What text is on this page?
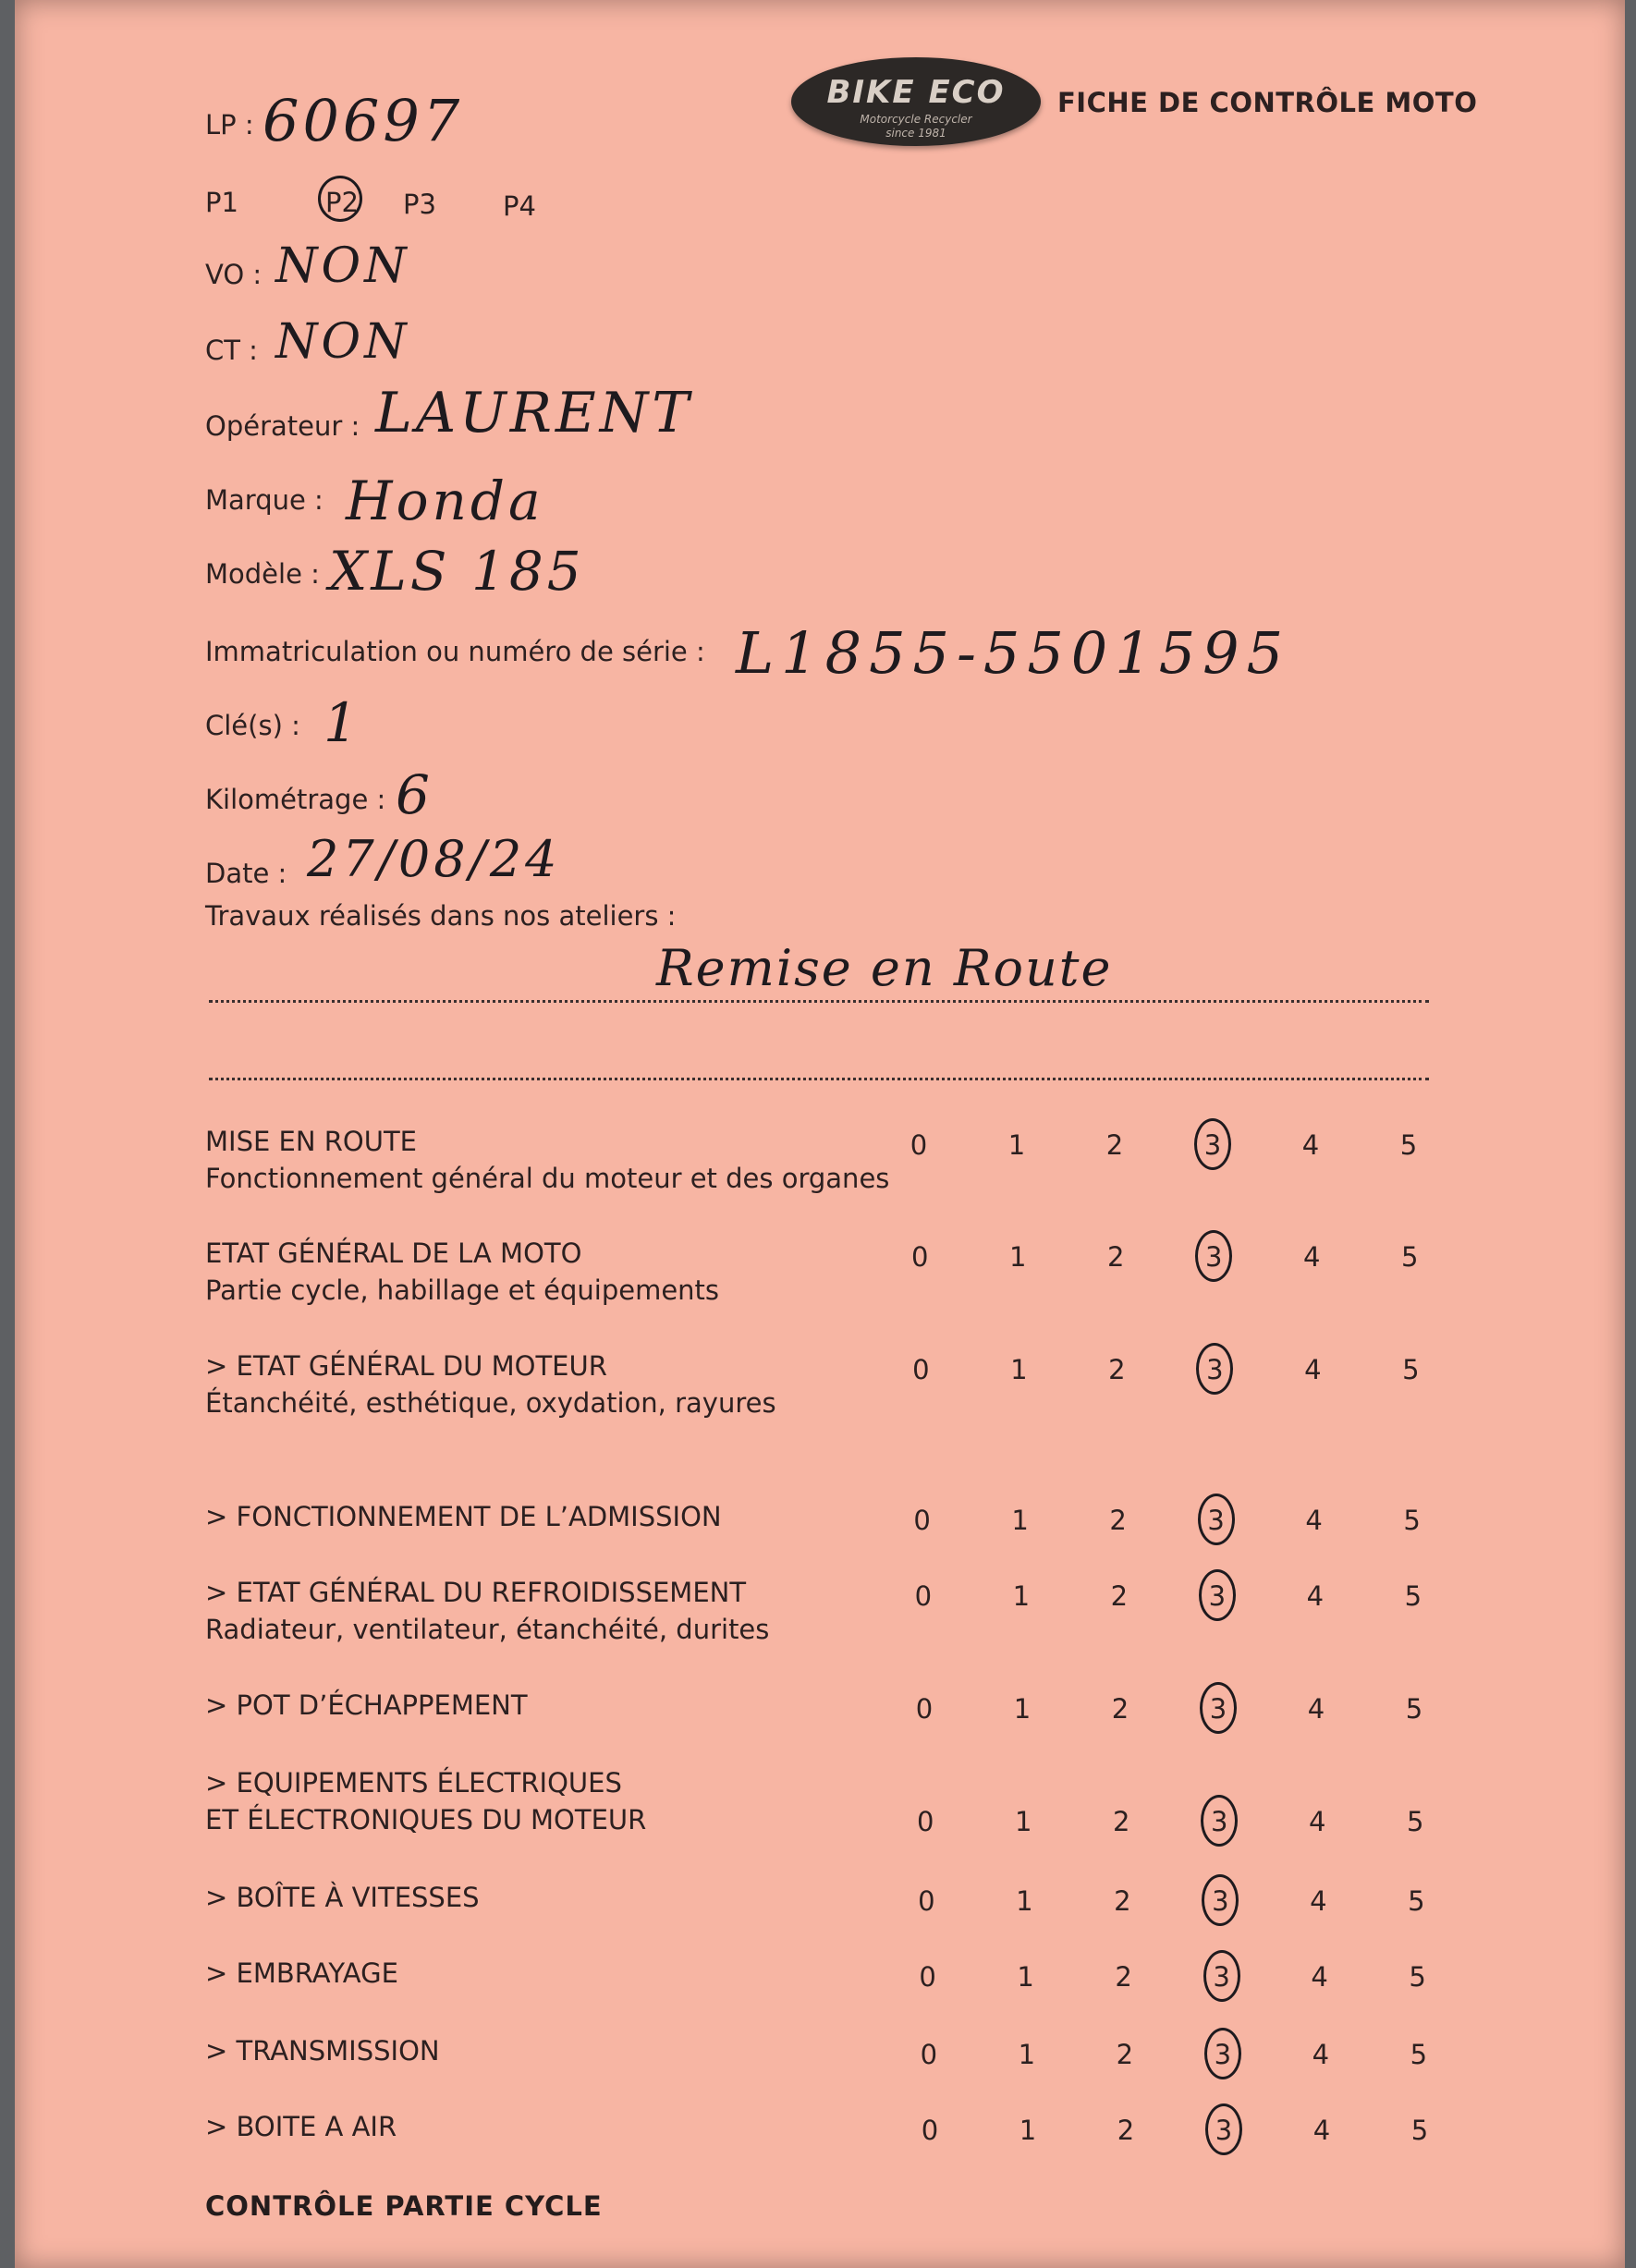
BIKE ECO
Motorcycle Recycler
since 1981
FICHE DE CONTRÔLE MOTO
LP : 60697
P1	P2 P3 P4
VO : NON
CT : NON
Opérateur : LAURENT
Marque : Honda
Modèle : XLS 185
Immatriculation ou numéro de série : L1855-5501595
Clé(s) : 1
Kilométrage : 6
Date : 27/08/24
Travaux réalisés dans nos ateliers :
Remise en Route
MISE EN ROUTE
Fonctionnement général du moteur et des organes
0	1	2	3	4	5
ETAT GÉNÉRAL DE LA MOTO
Partie cycle, habillage et équipements
0	1	2	3	4	5
> ETAT GÉNÉRAL DU MOTEUR
Étanchéité, esthétique, oxydation, rayures
0	1	2	3	4	5
> FONCTIONNEMENT DE L’ADMISSION	0	1	2	3	4	5
> ETAT GÉNÉRAL DU REFROIDISSEMENT
Radiateur, ventilateur, étanchéité, durites
0	1	2	3	4	5
> POT D’ÉCHAPPEMENT	0	1	2	3	4	5
> EQUIPEMENTS ÉLECTRIQUES
ET ÉLECTRONIQUES DU MOTEUR	0	1	2	3	4	5
> BOÎTE À VITESSES	0	1	2	3	4	5
> EMBRAYAGE	0	1	2	3	4	5
> TRANSMISSION	0	1	2	3	4	5
> BOITE A AIR	0	1	2	3	4	5
CONTRÔLE PARTIE CYCLE
